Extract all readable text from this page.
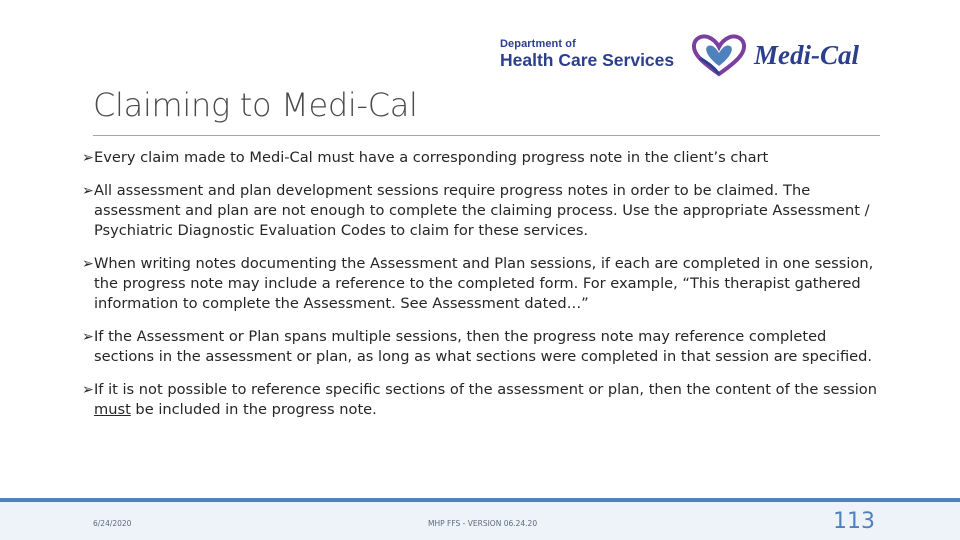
Department of
Health Care Services	Medi-Cal
Claiming to Medi-Cal
➢ Every claim made to Medi-Cal must have a corresponding progress note in the client’s chart
➢ All assessment and plan development sessions require progress notes in order to be claimed. The assessment and plan are not enough to complete the claiming process. Use the appropriate Assessment / Psychiatric Diagnostic Evaluation Codes to claim for these services.
➢ When writing notes documenting the Assessment and Plan sessions, if each are completed in one session, the progress note may include a reference to the completed form. For example, “This therapist gathered information to complete the Assessment. See Assessment dated…”
➢ If the Assessment or Plan spans multiple sessions, then the progress note may reference completed sections in the assessment or plan, as long as what sections were completed in that session are specified.
➢ If it is not possible to reference specific sections of the assessment or plan, then the content of the session must be included in the progress note.
6/24/2020	MHP FFS - VERSION 06.24.20	113
